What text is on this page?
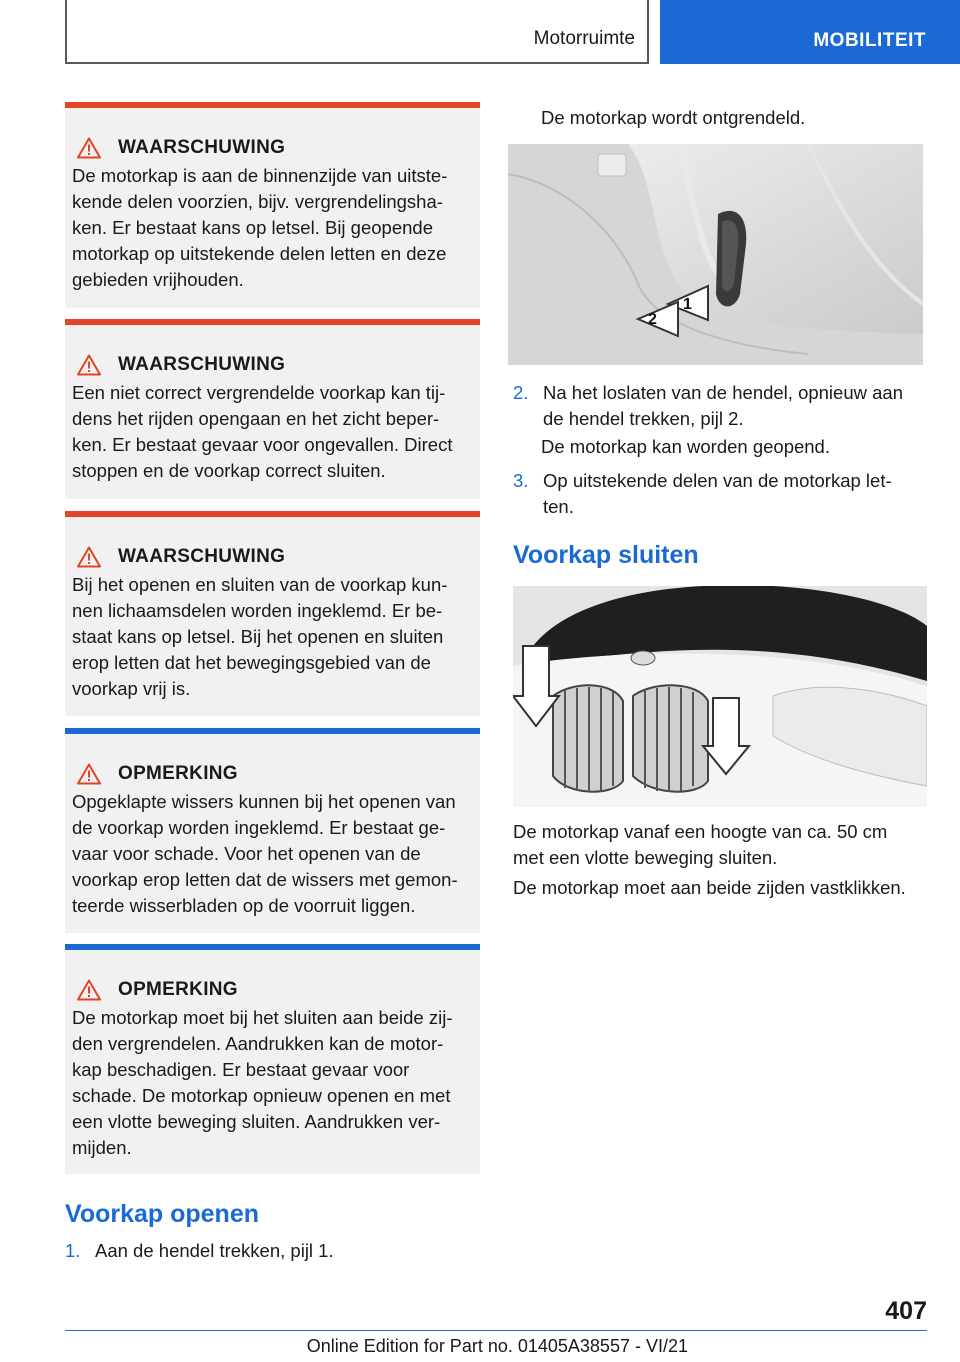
Motorruimte	MOBILITEIT
WAARSCHUWING
De motorkap is aan de binnenzijde van uitste-
kende delen voorzien, bijv. vergrendelingsha-
ken. Er bestaat kans op letsel. Bij geopende
motorkap op uitstekende delen letten en deze
gebieden vrijhouden.
WAARSCHUWING
Een niet correct vergrendelde voorkap kan tij-
dens het rijden opengaan en het zicht beper-
ken. Er bestaat gevaar voor ongevallen. Direct
stoppen en de voorkap correct sluiten.
WAARSCHUWING
Bij het openen en sluiten van de voorkap kun-
nen lichaamsdelen worden ingeklemd. Er be-
staat kans op letsel. Bij het openen en sluiten
erop letten dat het bewegingsgebied van de
voorkap vrij is.
OPMERKING
Opgeklapte wissers kunnen bij het openen van
de voorkap worden ingeklemd. Er bestaat ge-
vaar voor schade. Voor het openen van de
voorkap erop letten dat de wissers met gemon-
teerde wisserbladen op de voorruit liggen.
OPMERKING
De motorkap moet bij het sluiten aan beide zij-
den vergrendelen. Aandrukken kan de motor-
kap beschadigen. Er bestaat gevaar voor
schade. De motorkap opnieuw openen en met
een vlotte beweging sluiten. Aandrukken ver-
mijden.
Voorkap openen
1. Aan de hendel trekken, pijl 1.
De motorkap wordt ontgrendeld.
1
2
2. Na het loslaten van de hendel, opnieuw aan
de hendel trekken, pijl 2.
De motorkap kan worden geopend.
3. Op uitstekende delen van de motorkap let-
ten.
Voorkap sluiten
De motorkap vanaf een hoogte van ca. 50 cm
met een vlotte beweging sluiten.
De motorkap moet aan beide zijden vastklikken.
407
Online Edition for Part no. 01405A38557 - VI/21
